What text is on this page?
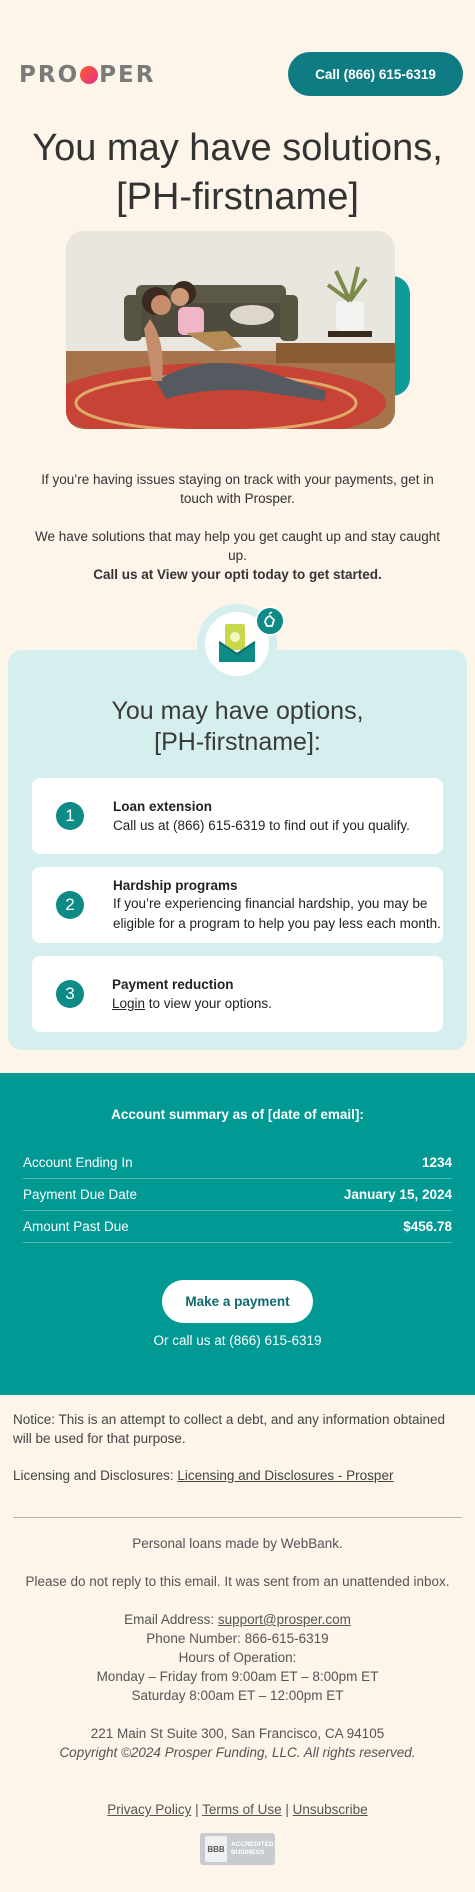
PRO PER	Call (866) 615-6319
You may have solutions,
[PH-firstname]

If you’re having issues staying on track with your payments, get in touch with Prosper.

We have solutions that may help you get caught up and stay caught up.
Call us at View your opti today to get started.
You may have options,
[PH-firstname]:
1	Loan extension
Call us at (866) 615-6319 to find out if you qualify.
2
Hardship programs
If you’re experiencing financial hardship, you may be
eligible for a program to help you pay less each month.
3	Payment reduction
Login to view your options.
Account summary as of [date of email]:
Account Ending In	1234
Payment Due Date	January 15, 2024
Amount Past Due	$456.78
Make a payment
Or call us at (866) 615-6319
Notice: This is an attempt to collect a debt, and any information obtained will be used for that purpose.
Licensing and Disclosures: Licensing and Disclosures - Prosper
Personal loans made by WebBank.
Please do not reply to this email. It was sent from an unattended inbox.
Email Address: support@prosper.com
Phone Number: 866-615-6319
Hours of Operation:
Monday – Friday from 9:00am ET – 8:00pm ET
Saturday 8:00am ET – 12:00pm ET
221 Main St Suite 300, San Francisco, CA 94105
Copyright ©2024 Prosper Funding, LLC. All rights reserved.
Privacy Policy | Terms of Use | Unsubscribe
BBB ACCREDITED
BUSINESS
